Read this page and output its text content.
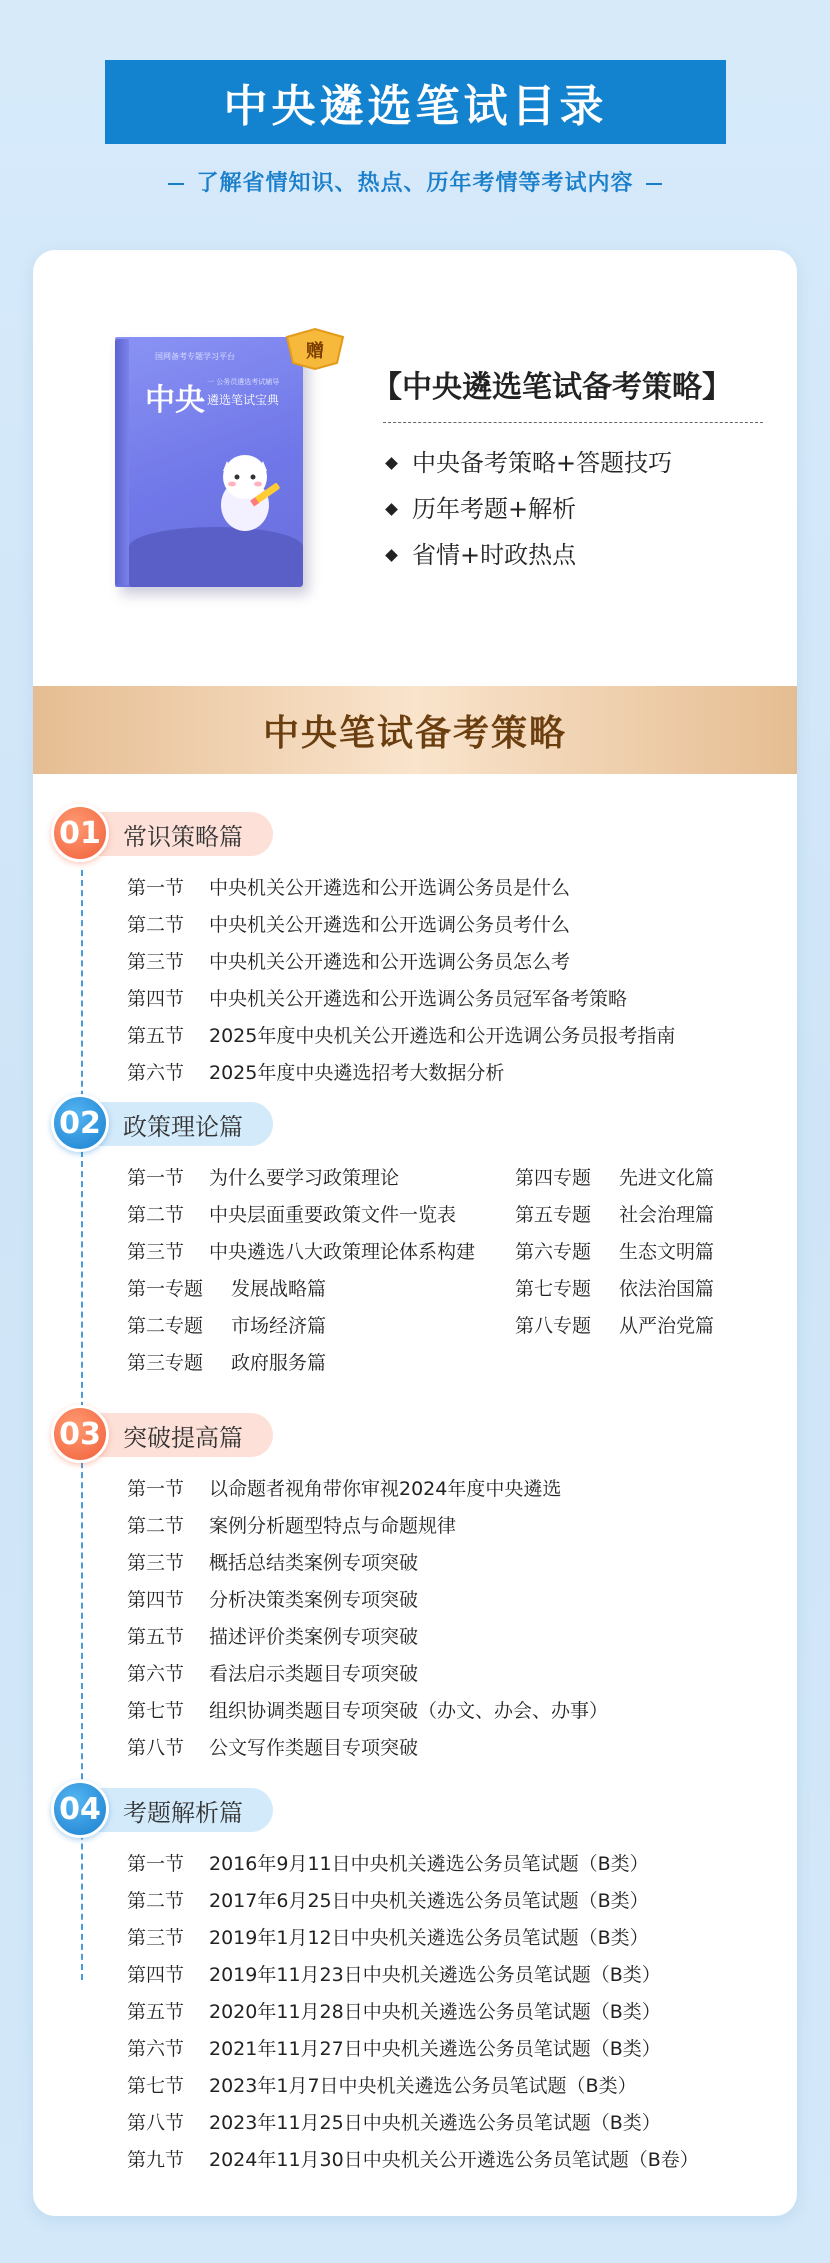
中央遴选笔试目录
了解省情知识、热点、历年考情等考试内容
国网备考专题学习平台
中央
一 公务员遴选考试辅导
遴选笔试宝典
赠
【中央遴选笔试备考策略】
中央备考策略+答题技巧
历年考题+解析
省情+时政热点
中央笔试备考策略
常识策略篇
01
第一节 中央机关公开遴选和公开选调公务员是什么
第二节 中央机关公开遴选和公开选调公务员考什么
第三节 中央机关公开遴选和公开选调公务员怎么考
第四节 中央机关公开遴选和公开选调公务员冠军备考策略
第五节 2025年度中央机关公开遴选和公开选调公务员报考指南
第六节 2025年度中央遴选招考大数据分析
政策理论篇
02
第一节 为什么要学习政策理论
第二节 中央层面重要政策文件一览表
第三节 中央遴选八大政策理论体系构建
第一专题 发展战略篇
第二专题 市场经济篇
第三专题 政府服务篇
第四专题 先进文化篇
第五专题 社会治理篇
第六专题 生态文明篇
第七专题 依法治国篇
第八专题 从严治党篇
突破提高篇
03
第一节 以命题者视角带你审视2024年度中央遴选
第二节 案例分析题型特点与命题规律
第三节 概括总结类案例专项突破
第四节 分析决策类案例专项突破
第五节 描述评价类案例专项突破
第六节 看法启示类题目专项突破
第七节 组织协调类题目专项突破（办文、办会、办事）
第八节 公文写作类题目专项突破
考题解析篇
04
第一节 2016年9月11日中央机关遴选公务员笔试题（B类）
第二节 2017年6月25日中央机关遴选公务员笔试题（B类）
第三节 2019年1月12日中央机关遴选公务员笔试题（B类）
第四节 2019年11月23日中央机关遴选公务员笔试题（B类）
第五节 2020年11月28日中央机关遴选公务员笔试题（B类）
第六节 2021年11月27日中央机关遴选公务员笔试题（B类）
第七节 2023年1月7日中央机关遴选公务员笔试题（B类）
第八节 2023年11月25日中央机关遴选公务员笔试题（B类）
第九节 2024年11月30日中央机关公开遴选公务员笔试题（B卷）
